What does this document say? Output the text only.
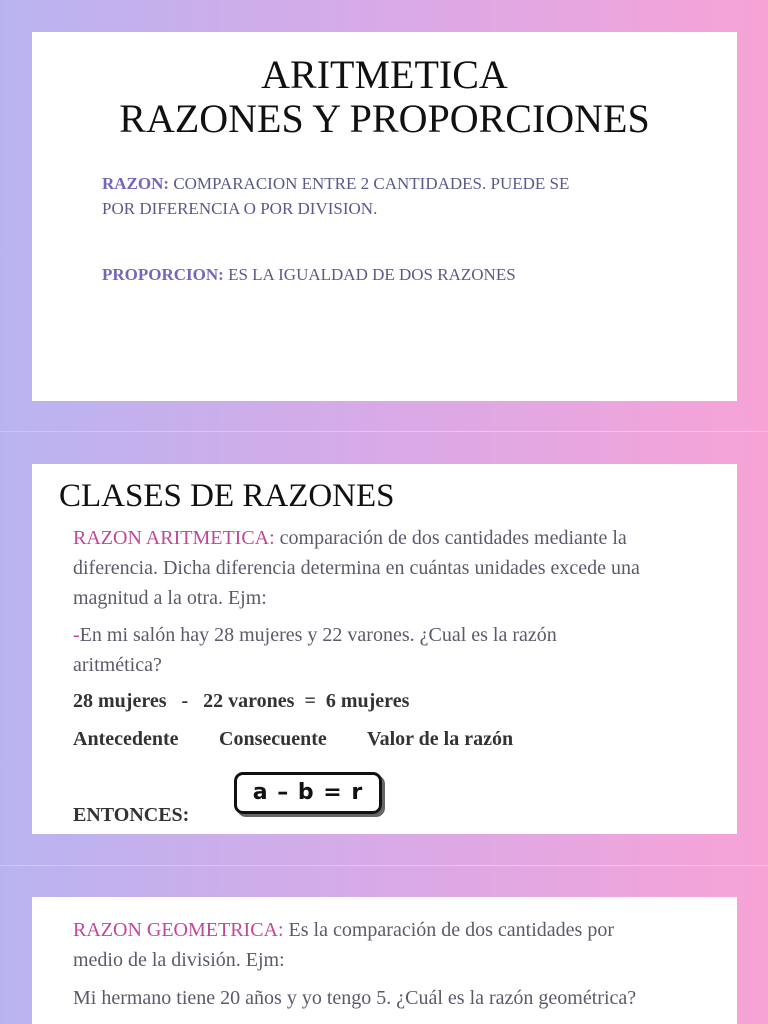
ARITMETICA
RAZONES Y PROPORCIONES
RAZON: COMPARACION ENTRE 2 CANTIDADES. PUEDE SE
POR DIFERENCIA O POR DIVISION.
PROPORCION: ES LA IGUALDAD DE DOS RAZONES
CLASES DE RAZONES
RAZON ARITMETICA: comparación de dos cantidades mediante la
diferencia. Dicha diferencia determina en cuántas unidades excede una
magnitud a la otra. Ejm:
-En mi salón hay 28 mujeres y 22 varones. ¿Cual es la razón
aritmética?
28 mujeres   -   22 varones  =  6 mujeres
Antecedente Consecuente Valor de la razón
ENTONCES:
a – b = r
RAZON GEOMETRICA: Es la comparación de dos cantidades por
medio de la división. Ejm:
Mi hermano tiene 20 años y yo tengo 5. ¿Cuál es la razón geométrica?
